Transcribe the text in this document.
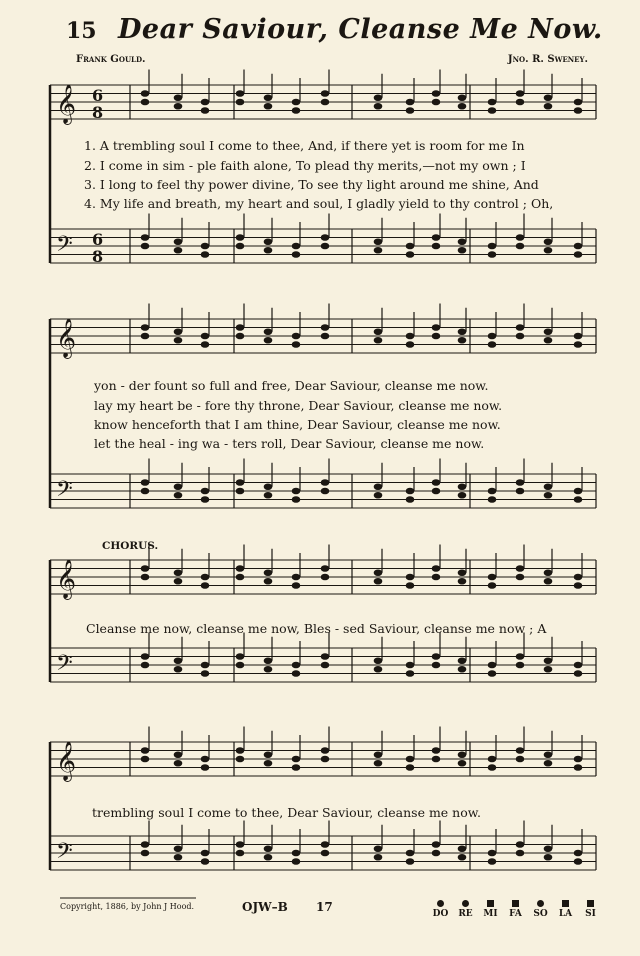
15 Dear Saviour, Cleanse Me Now.
Frank Gould.	Jno. R. Sweney.
𝄞
𝄢
𝄞
𝄢
𝄞
𝄢
𝄞
𝄢
6
8
6
8
1. A trembling soul I come to thee, And, if there yet is room for me In
2. I come in sim - ple faith alone, To plead thy merits,—not my own ; I
3. I long to feel thy power divine, To see thy light around me shine, And
4. My life and breath, my heart and soul, I gladly yield to thy control ; Oh,
yon - der fount so full and free, Dear Saviour, cleanse me now.
lay my heart be - fore thy throne, Dear Saviour, cleanse me now.
know henceforth that I am thine, Dear Saviour, cleanse me now.
let the heal - ing wa - ters roll, Dear Saviour, cleanse me now.
CHORUS.
Cleanse me now, cleanse me now, Bles - sed Saviour, cleanse me now ; A
trembling soul I come to thee, Dear Saviour, cleanse me now.
Copyright, 1886, by John J Hood.	OJW–B 17	DO	RE	MI	FA	SO	LA	SI
